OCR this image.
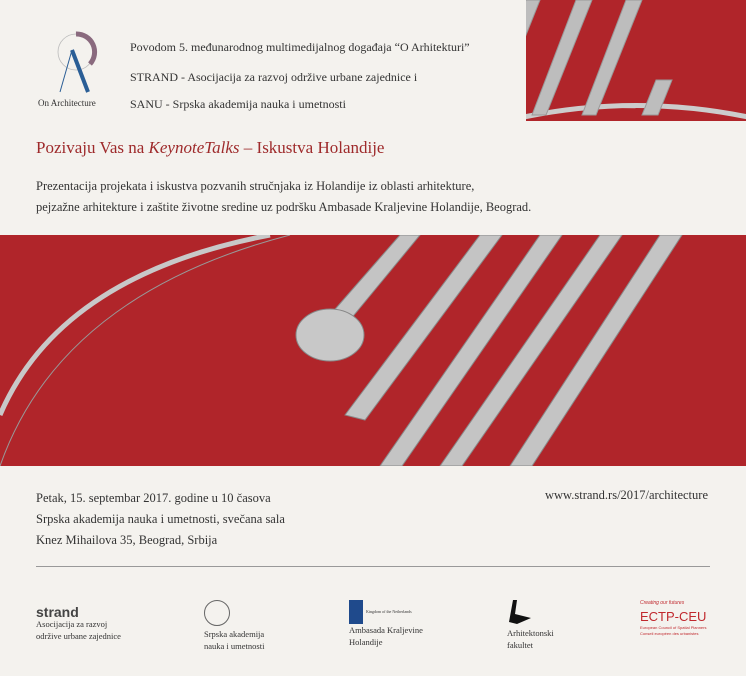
On Architecture
Povodom 5. međunarodnog multimedijalnog događaja “O Arhitekturi”
STRAND - Asocijacija za razvoj održive urbane zajednice i
SANU - Srpska akademija nauka i umetnosti
Pozivaju Vas na KeynoteTalks – Iskustva Holandije
Prezentacija projekata i iskustva pozvanih stručnjaka iz Holandije iz oblasti arhitekture,
pejzažne arhitekture i zaštite životne sredine uz podršku Ambasade Kraljevine Holandije, Beograd.
Petak, 15. septembar 2017. godine u 10 časova
Srpska akademija nauka i umetnosti, svečana sala
Knez Mihailova 35, Beograd, Srbija
www.strand.rs/2017/architecture
strand
Asocijacija za razvoj
održive urbane zajednice	Srpska akademija
nauka i umetnosti
Kingdom of the Netherlands
Ambasada Kraljevine
Holandije
Arhitektonski
fakultet
Creating our futures
ECTP-CEU
European Council of Spatial Planners
Conseil européen des urbanistes
